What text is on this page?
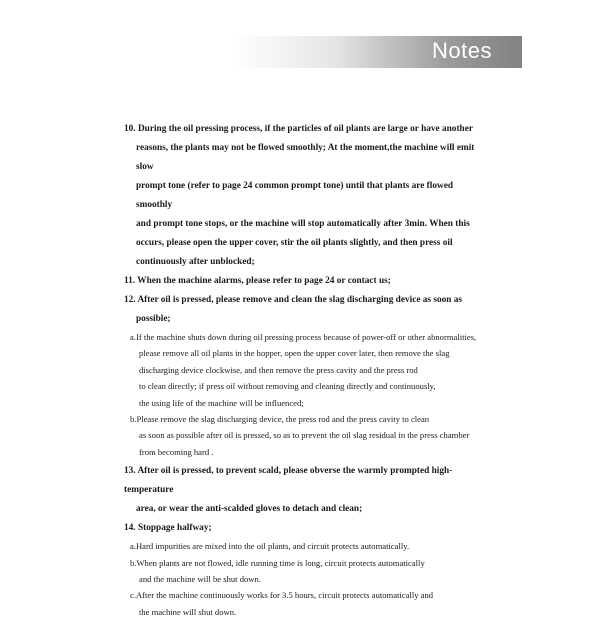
Notes
10. During the oil pressing process, if the particles of oil plants are large or have another
reasons, the plants may not be flowed smoothly; At the moment,the machine will emit slow
prompt tone (refer to page 24 common prompt tone) until that plants are flowed smoothly
and prompt tone stops, or the machine will stop automatically after 3min. When this
occurs, please open the upper cover, stir the oil plants slightly, and then press oil
continuously after unblocked;
11. When the machine alarms, please refer to page 24 or contact us;
12. After oil is pressed, please remove and clean the slag discharging device as soon as
possible;
a.If the machine shuts down during oil pressing process because of power-off or other abnormalities,
please remove all oil plants in the hopper, open the upper cover later, then remove the slag
discharging device clockwise, and then remove the press cavity and the press rod
to clean directly; if press oil without removing and cleaning directly and continuously,
the using life of the machine will be influenced;
b.Please remove the slag discharging device, the press rod and the press cavity to clean
as soon as possible after oil is pressed, so as to prevent the oil slag residual in the press chamber
from becoming hard .
13. After oil is pressed, to prevent scald, please obverse the warmly prompted high-temperature
area, or wear the anti-scalded gloves to detach and clean;
14. Stoppage halfway;
a.Hard impurities are mixed into the oil plants, and circuit protects automatically.
b.When plants are not flowed, idle running time is long, circuit protects automatically
and the machine will be shut down.
c.After the machine continuously works for 3.5 hours, circuit protects automatically and
the machine will shut down.
